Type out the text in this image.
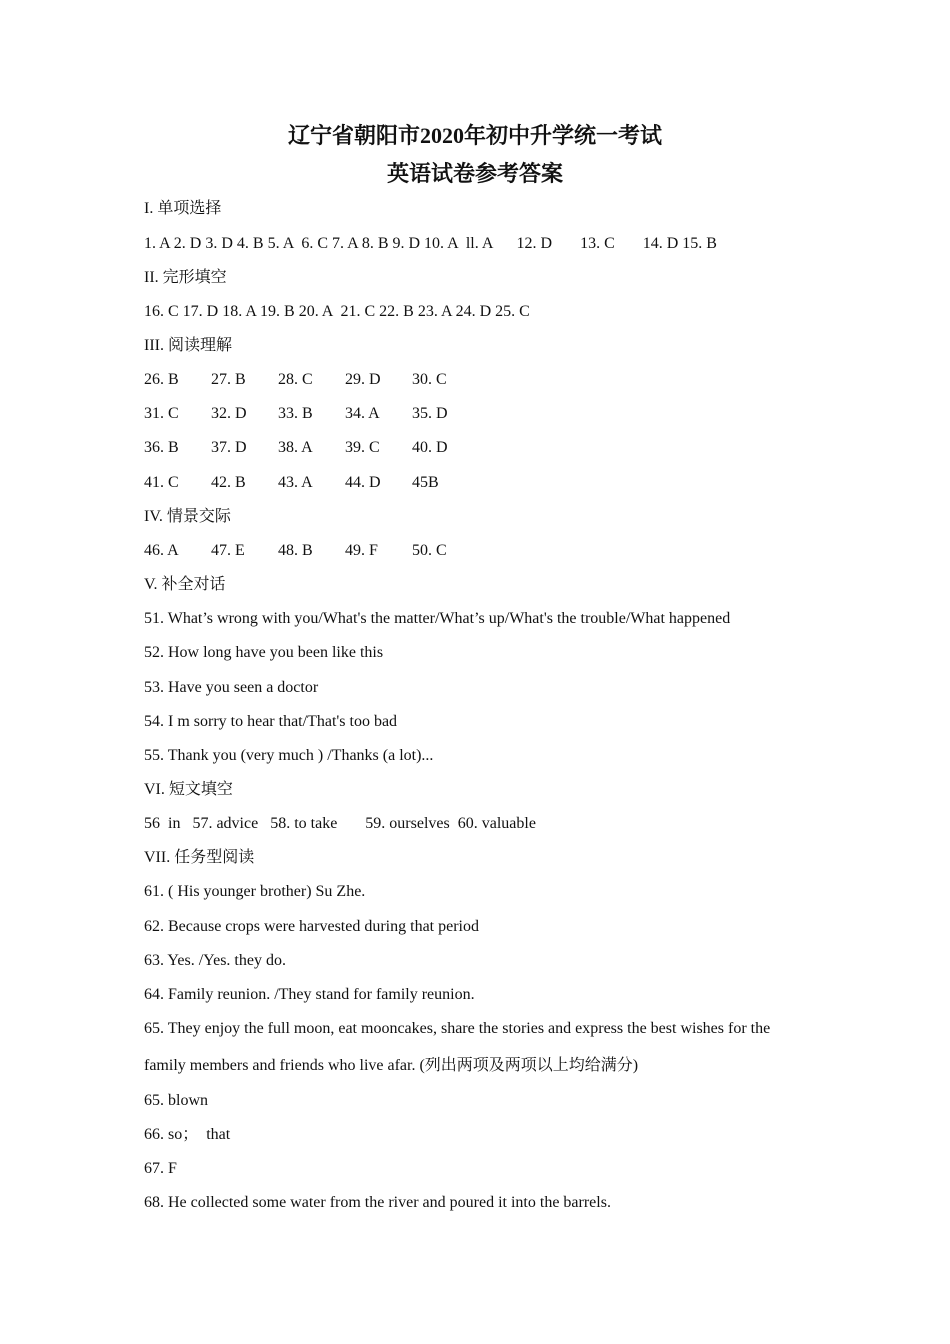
辽宁省朝阳市2020年初中升学统一考试
英语试卷参考答案
I. 单项选择
1. A 2. D 3. D 4. B 5. A  6. C 7. A 8. B 9. D 10. A  ll. A      12. D       13. C       14. D 15. B
II. 完形填空
16. C 17. D 18. A 19. B 20. A  21. C 22. B 23. A 24. D 25. C
III. 阅读理解
26. B 27. B 28. C 29. D 30. C
31. C 32. D 33. B 34. A 35. D
36. B 37. D 38. A 39. C 40. D
41. C 42. B 43. A 44. D 45B
IV. 情景交际
46. A 47. E 48. B 49. F 50. C
V. 补全对话
51. What’s wrong with you/What's the matter/What’s up/What's the trouble/What happened
52. How long have you been like this
53. Have you seen a doctor
54. I m sorry to hear that/That's too bad
55. Thank you (very much ) /Thanks (a lot)...
VI. 短文填空
56  in   57. advice   58. to take       59. ourselves  60. valuable
VII. 任务型阅读
61. ( His younger brother) Su Zhe.
62. Because crops were harvested during that period
63. Yes. /Yes. they do.
64. Family reunion. /They stand for family reunion.
65. They enjoy the full moon, eat mooncakes, share the stories and express the best wishes for the
family members and friends who live afar. (列出两项及两项以上均给满分)
65. blown
66. so；  that
67. F
68. He collected some water from the river and poured it into the barrels.
